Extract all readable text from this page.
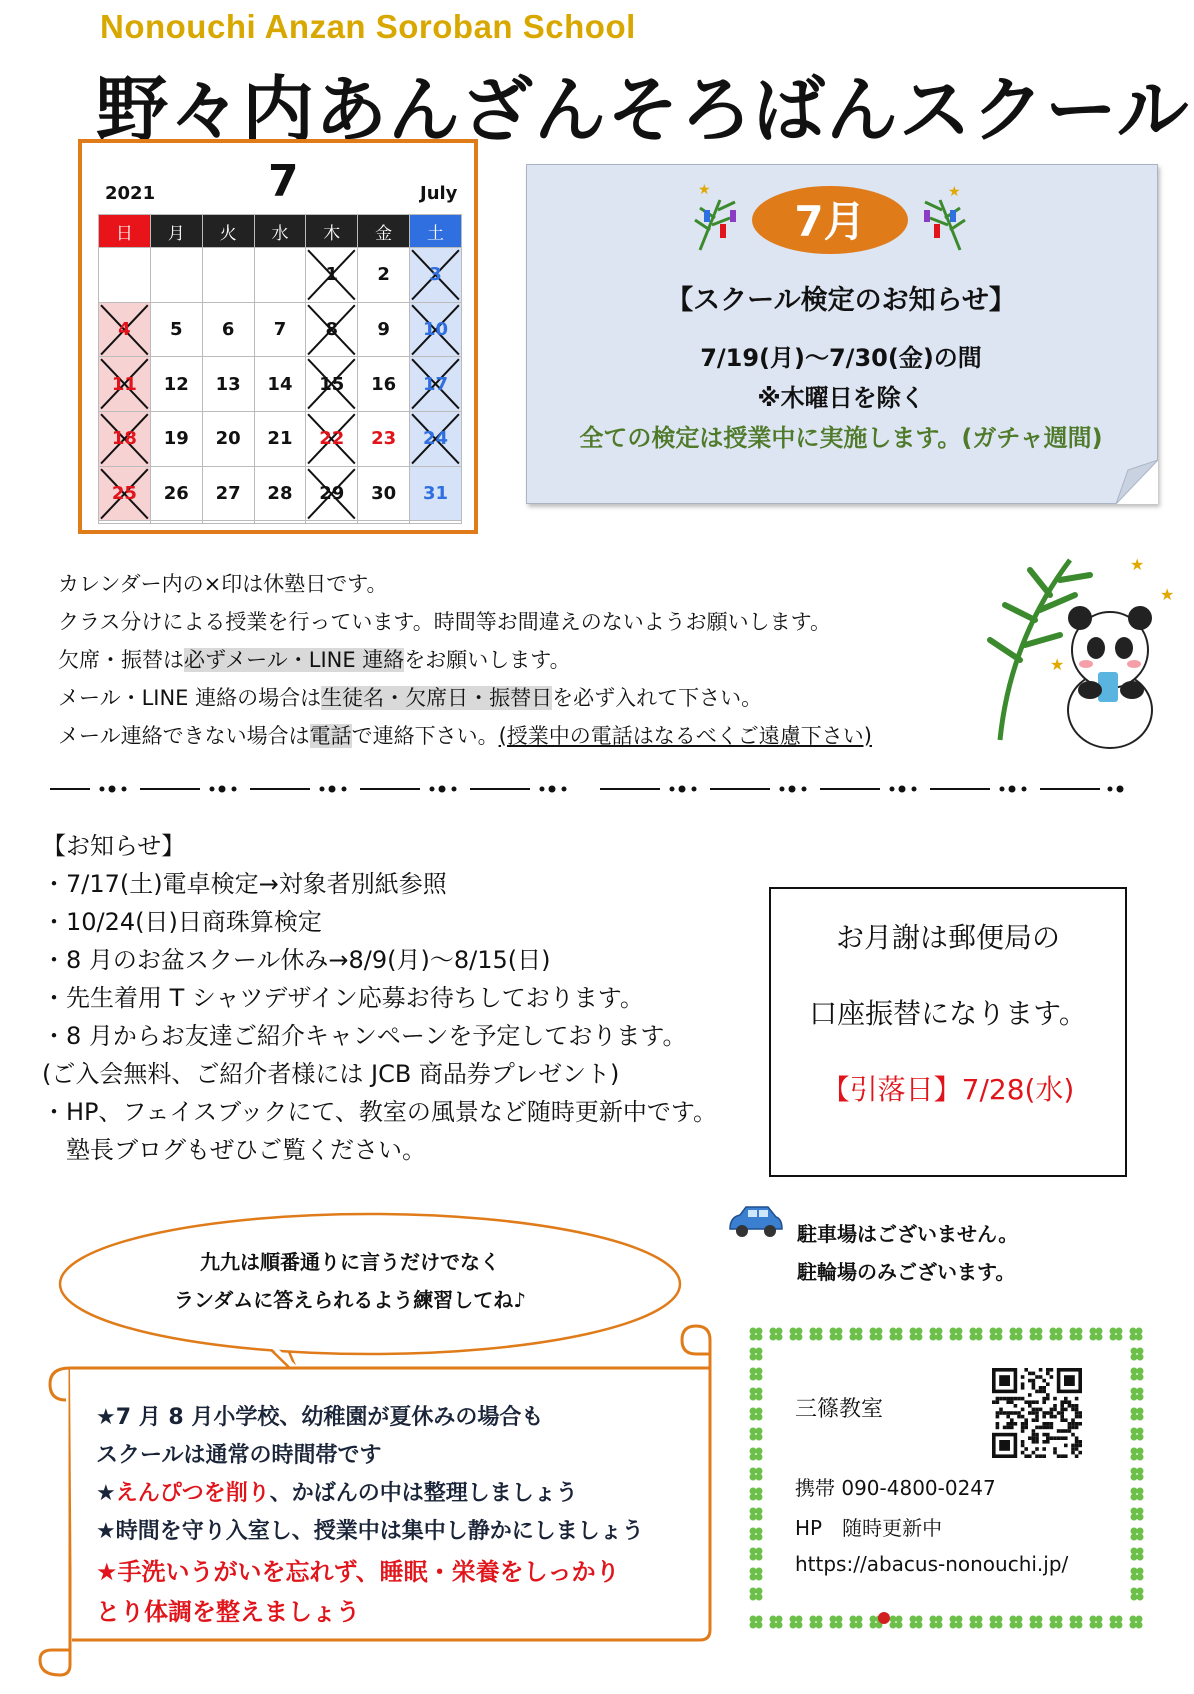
Nonouchi Anzan Soroban School
野々内あんざんそろばんスクール
2021	7	July
日	月	火	水	木	金	土
				1	2	3

4	5	6	7	8	9	10

11	12	13	14	15	16	17

18	19	20	21	22	23	24

25	26	27	28	29	30	31

★	★
7月
【スクール検定のお知らせ】
7/19(月)～7/30(金)の間
※木曜日を除く
全ての検定は授業中に実施します。(ガチャ週間)
カレンダー内の×印は休塾日です。
クラス分けによる授業を行っています。時間等お間違えのないようお願いします。
欠席・振替は必ずメール・LINE 連絡をお願いします。
メール・LINE 連絡の場合は生徒名・欠席日・振替日を必ず入れて下さい。
メール連絡できない場合は電話で連絡下さい。(授業中の電話はなるべくご遠慮下さい)
★
★
★
【お知らせ】
・7/17(土)電卓検定→対象者別紙参照
・10/24(日)日商珠算検定
・8 月のお盆スクール休み→8/9(月)～8/15(日)
・先生着用 T シャツデザイン応募お待ちしております。
・8 月からお友達ご紹介キャンペーンを予定しております。
(ご入会無料、ご紹介者様には JCB 商品券プレゼント)
・HP、フェイスブックにて、教室の風景など随時更新中です。
　塾長ブログもぜひご覧ください。
お月謝は郵便局の
口座振替になります。
【引落日】7/28(水)
駐車場はございません。
駐輪場のみございます。
九九は順番通りに言うだけでなく
ランダムに答えられるよう練習してね♪
★7 月 8 月小学校、幼稚園が夏休みの場合も
スクールは通常の時間帯です
★えんぴつを削り、かばんの中は整理しましょう
★時間を守り入室し、授業中は集中し静かにしましょう
★手洗いうがいを忘れず、睡眠・栄養をしっかり
とり体調を整えましょう
三篠教室
携帯 090-4800-0247
HP　随時更新中
https://abacus-nonouchi.jp/
